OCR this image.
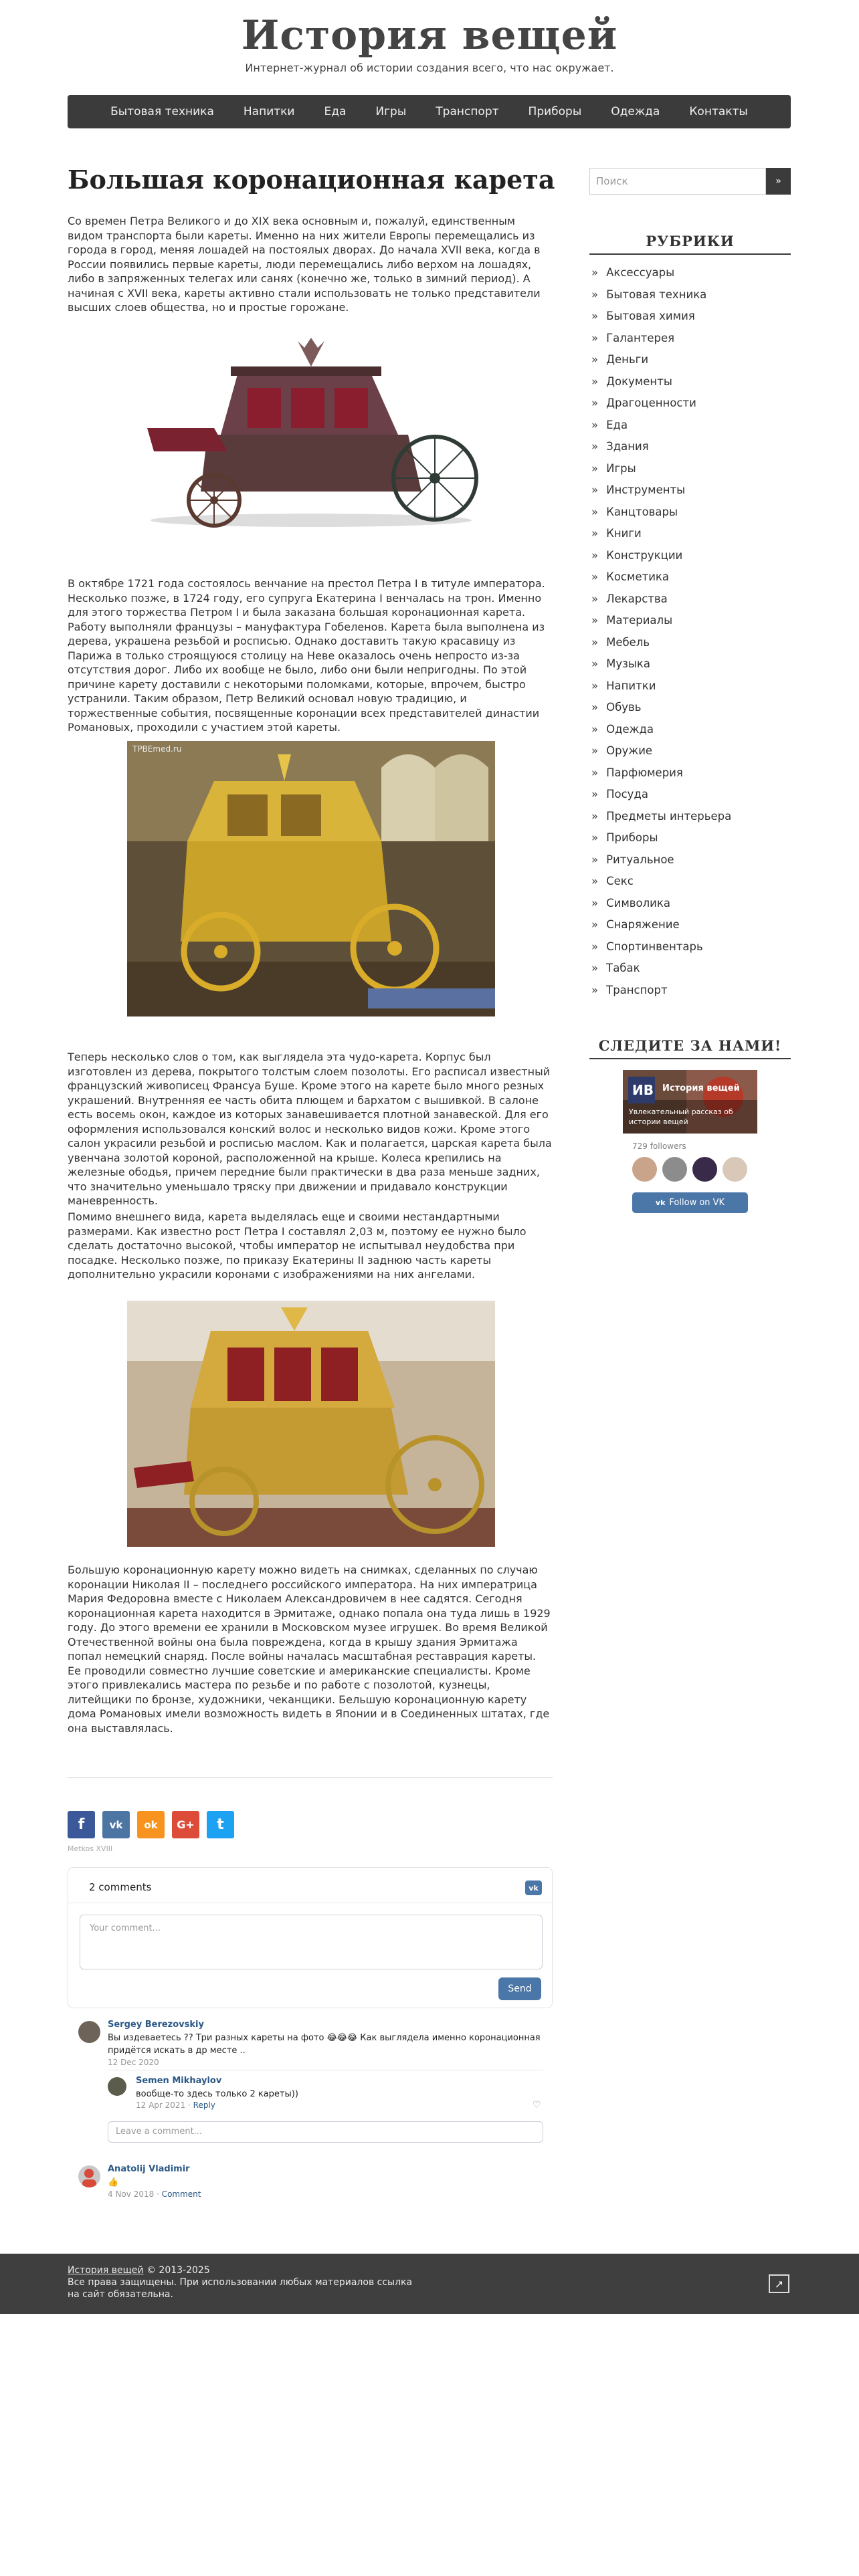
История вещей
Интернет-журнал об истории создания всего, что нас окружает.
Бытовая техника	Напитки	Еда	Игры	Транспорт	Приборы	Одежда	Контакты
Большая коронационная карета

Со времен Петра Великого и до XIX века основным и, пожалуй, единственным видом транспорта были кареты. Именно на них жители Европы перемещались из города в город, меняя лошадей на постоялых дворах. До начала XVII века, когда в России появились первые кареты, люди перемещались либо верхом на лошадях, либо в запряженных телегах или санях (конечно же, только в зимний период). А начиная с XVII века, кареты активно стали использовать не только представители высших слоев общества, но и простые горожане.

В октябре 1721 года состоялось венчание на престол Петра I в титуле императора. Несколько позже, в 1724 году, его супруга Екатерина I венчалась на трон. Именно для этого торжества Петром I и была заказана большая коронационная карета. Работу выполняли французы – мануфактура Гобеленов. Карета была выполнена из дерева, украшена резьбой и росписью. Однако доставить такую красавицу из Парижа в только строящуюся столицу на Неве оказалось очень непросто из-за отсутствия дорог. Либо их вообще не было, либо они были непригодны. По этой причине карету доставили с некоторыми поломками, которые, впрочем, быстро устранили. Таким образом, Петр Великий основал новую традицию, и торжественные события, посвященные коронации всех представителей династии Романовых, проходили с участием этой кареты.

TPBEmed.ru

Теперь несколько слов о том, как выглядела эта чудо-карета. Корпус был изготовлен из дерева, покрытого толстым слоем позолоты. Его расписал известный французский живописец Франсуа Буше. Кроме этого на карете было много резных украшений. Внутренняя ее часть обита плющем и бархатом с вышивкой. В салоне есть восемь окон, каждое из которых занавешивается плотной занавеской. Для его оформления использовался конский волос и несколько видов кожи. Кроме этого салон украсили резьбой и росписью маслом. Как и полагается, царская карета была увенчана золотой короной, расположенной на крыше. Колеса крепились на железные ободья, причем передние были практически в два раза меньше задних, что значительно уменьшало тряску при движении и придавало конструкции маневренность.

Помимо внешнего вида, карета выделялась еще и своими нестандартными размерами. Как известно рост Петра I составлял 2,03 м, поэтому ее нужно было сделать достаточно высокой, чтобы император не испытывал неудобства при посадке. Несколько позже, по приказу Екатерины II заднюю часть кареты дополнительно украсили коронами с изображениями на них ангелами.

Большую коронационную карету можно видеть на снимках, сделанных по случаю коронации Николая II – последнего российского императора. На них императрица Мария Федоровна вместе с Николаем Александровичем в нее садятся. Сегодня коронационная карета находится в Эрмитаже, однако попала она туда лишь в 1929 году. До этого времени ее хранили в Московском музее игрушек. Во время Великой Отечественной войны она была повреждена, когда в крышу здания Эрмитажа попал немецкий снаряд. После войны началась масштабная реставрация кареты. Ее проводили совместно лучшие советские и американские специалисты. Кроме этого привлекались мастера по резьбе и по работе с позолотой, кузнецы, литейщики по бронзе, художники, чеканщики. Бельшую коронационную карету дома Романовых имели возможность видеть в Японии и в Соединенных штатах, где она выставлялась.

f	vk	ok	G+	t
Metkos XVIII
2 comments	vk
Your comment...
Send
Sergey Berezovskiy
Вы издеваетесь ?? Три разных кареты на фото 😂😂😂 Как выглядела именно коронационная придётся искать в др месте ..
12 Dec 2020
Semen Mikhaylov
вообще-то здесь только 2 кареты))
12 Apr 2021 · Reply	♡
Leave a comment...
Anatolij Vladimir
👍
4 Nov 2018 · Comment
Поиск	»
РУБРИКИ
» Аксессуары
» Бытовая техника
» Бытовая химия
» Галантерея
» Деньги
» Документы
» Драгоценности
» Еда
» Здания
» Игры
» Инструменты
» Канцтовары
» Книги
» Конструкции
» Косметика
» Лекарства
» Материалы
» Мебель
» Музыка
» Напитки
» Обувь
» Одежда
» Оружие
» Парфюмерия
» Посуда
» Предметы интерьера
» Приборы
» Ритуальное
» Секс
» Символика
» Снаряжение
» Спортинвентарь
» Табак
» Транспорт
СЛЕДИТЕ ЗА НАМИ!
ИВ История вещей
Увлекательный рассказ об истории вещей
729 followers
vk Follow on VK
История вещей © 2013-2025
Все права защищены. При использовании любых материалов ссылка на сайт обязательна.
↗
